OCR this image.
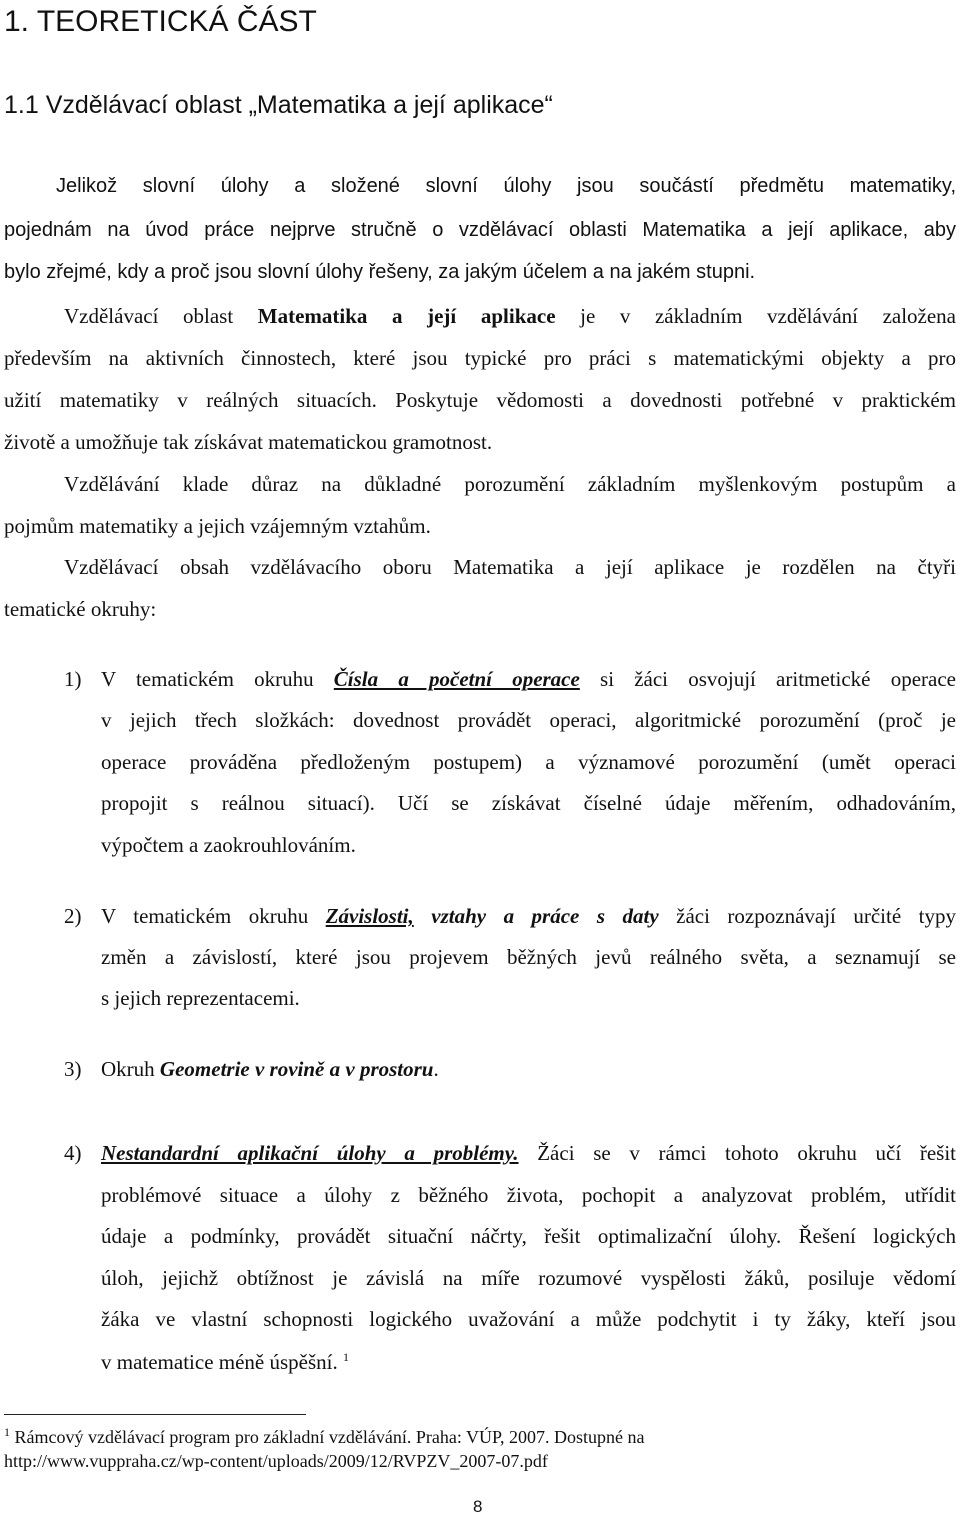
1. TEORETICKÁ ČÁST
1.1 Vzdělávací oblast „Matematika a její aplikace“
Jelikož slovní úlohy a složené slovní úlohy jsou součástí předmětu matematiky,
pojednám na úvod práce nejprve stručně o vzdělávací oblasti Matematika a její aplikace, aby
bylo zřejmé, kdy a proč jsou slovní úlohy řešeny, za jakým účelem a na jakém stupni.
Vzdělávací oblast Matematika a její aplikace je v základním vzdělávání založena
především na aktivních činnostech, které jsou typické pro práci s matematickými objekty a pro
užití matematiky v reálných situacích. Poskytuje vědomosti a dovednosti potřebné v praktickém
životě a umožňuje tak získávat matematickou gramotnost.
Vzdělávání klade důraz na důkladné porozumění základním myšlenkovým postupům a
pojmům matematiky a jejich vzájemným vztahům.
Vzdělávací obsah vzdělávacího oboru Matematika a její aplikace je rozdělen na čtyři
tematické okruhy:
1) V tematickém okruhu Čísla a početní operace si žáci osvojují aritmetické operace
v jejich třech složkách: dovednost provádět operaci, algoritmické porozumění (proč je
operace prováděna předloženým postupem) a významové porozumění (umět operaci
propojit s reálnou situací). Učí se získávat číselné údaje měřením, odhadováním,
výpočtem a zaokrouhlováním.
2) V tematickém okruhu Závislosti, vztahy a práce s daty žáci rozpoznávají určité typy
změn a závislostí, které jsou projevem běžných jevů reálného světa, a seznamují se
s jejich reprezentacemi.
3) Okruh Geometrie v rovině a v prostoru.
4) Nestandardní aplikační úlohy a problémy. Žáci se v rámci tohoto okruhu učí řešit
problémové situace a úlohy z běžného života, pochopit a analyzovat problém, utřídit
údaje a podmínky, provádět situační náčrty, řešit optimalizační úlohy. Řešení logických
úloh, jejichž obtížnost je závislá na míře rozumové vyspělosti žáků, posiluje vědomí
žáka ve vlastní schopnosti logického uvažování a může podchytit i ty žáky, kteří jsou
v matematice méně úspěšní. $^1$
$^1$ Rámcový vzdělávací program pro základní vzdělávání. Praha: VÚP, 2007. Dostupné na
http://www.vuppraha.cz/wp-content/uploads/2009/12/RVPZV_2007-07.pdf
8
